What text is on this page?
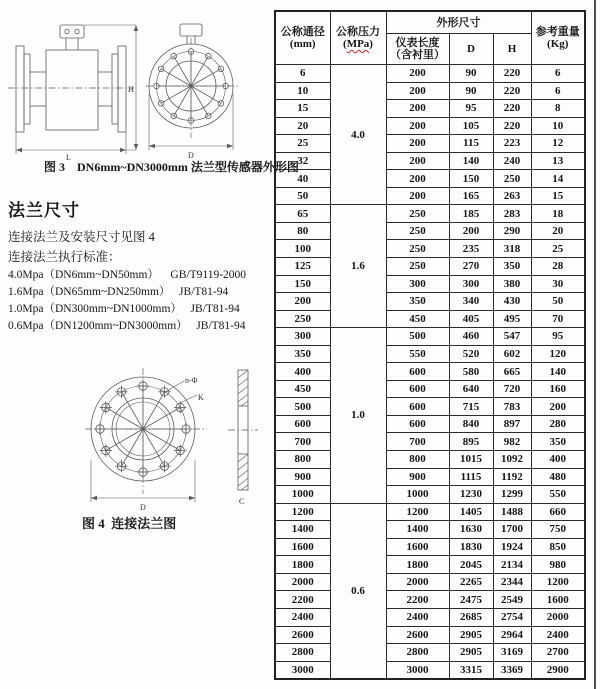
H
L	D
图 3    DN6mm~DN3000mm 法兰型传感器外形图
法兰尺寸
连接法兰及安装尺寸见图 4
连接法兰执行标准：
4.0Mpa（DN6mm~DN50mm）    GB/T9119-2000
1.6Mpa（DN65mm~DN250mm）   JB/T81-94
1.0Mpa（DN300mm~DN1000mm）   JB/T81-94
0.6Mpa（DN1200mm~DN3000mm）   JB/T81-94
n-Φ
K
D
C
图 4  连接法兰图
公称通径
(mm)	公称压力
(MPa)	外形尺寸			参考重量
(Kg)
		仪表长度
（含衬里）	D	H	
6	4.0	200	90	220	6
10		200	90	220	6
15		200	95	220	8
20		200	105	220	10
25		200	115	223	12
32		200	140	240	13
40		200	150	250	14
50		200	165	263	15
65	1.6	250	185	283	18
80		250	200	290	20
100		250	235	318	25
125		250	270	350	28
150		300	300	380	30
200		350	340	430	50
250		450	405	495	70
300	1.0	500	460	547	95
350		550	520	602	120
400		600	580	665	140
450		600	640	720	160
500		600	715	783	200
600		600	840	897	280
700		700	895	982	350
800		800	1015	1092	400
900		900	1115	1192	480
1000		1000	1230	1299	550
1200	0.6	1200	1405	1488	660
1400		1400	1630	1700	750
1600		1600	1830	1924	850
1800		1800	2045	2134	980
2000		2000	2265	2344	1200
2200		2200	2475	2549	1600
2400		2400	2685	2754	2000
2600		2600	2905	2964	2400
2800		2800	2905	3169	2700
3000		3000	3315	3369	2900
